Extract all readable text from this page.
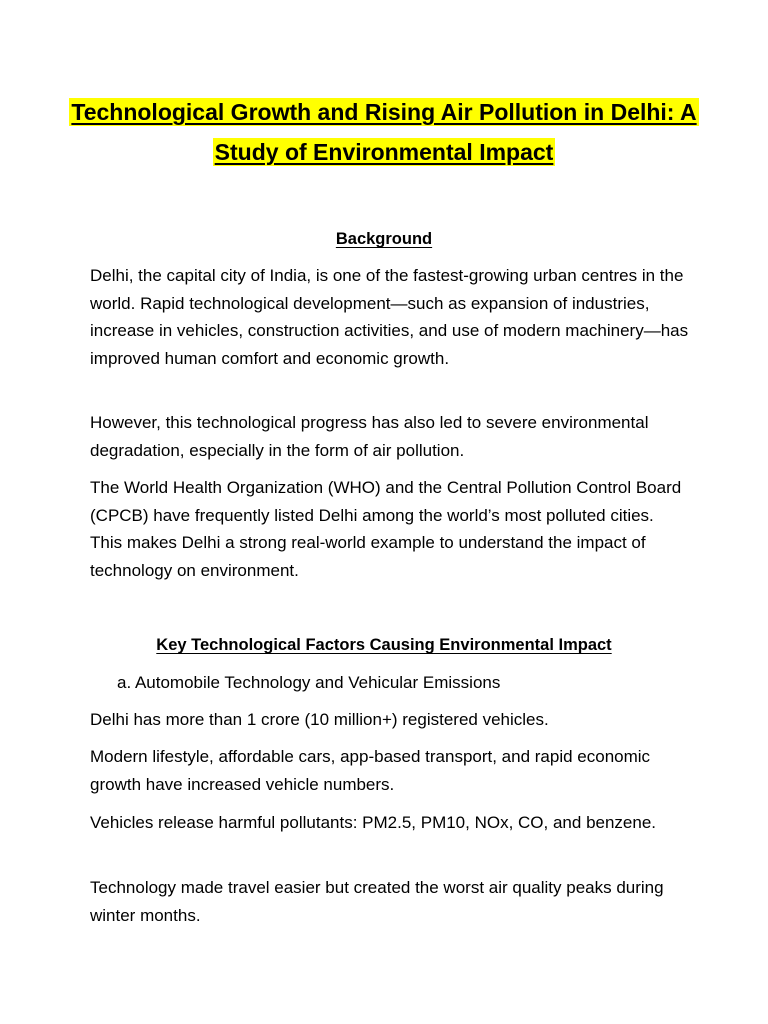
Technological Growth and Rising Air Pollution in Delhi: A Study of Environmental Impact
Background

Delhi, the capital city of India, is one of the fastest-growing urban centres in the world. Rapid technological development—such as expansion of industries, increase in vehicles, construction activities, and use of modern machinery—has improved human comfort and economic growth.

However, this technological progress has also led to severe environmental degradation, especially in the form of air pollution.

The World Health Organization (WHO) and the Central Pollution Control Board (CPCB) have frequently listed Delhi among the world’s most polluted cities. This makes Delhi a strong real-world example to understand the impact of technology on environment.

Key Technological Factors Causing Environmental Impact

a. Automobile Technology and Vehicular Emissions

Delhi has more than 1 crore (10 million+) registered vehicles.

Modern lifestyle, affordable cars, app-based transport, and rapid economic growth have increased vehicle numbers.

Vehicles release harmful pollutants: PM2.5, PM10, NOx, CO, and benzene.

Technology made travel easier but created the worst air quality peaks during winter months.
